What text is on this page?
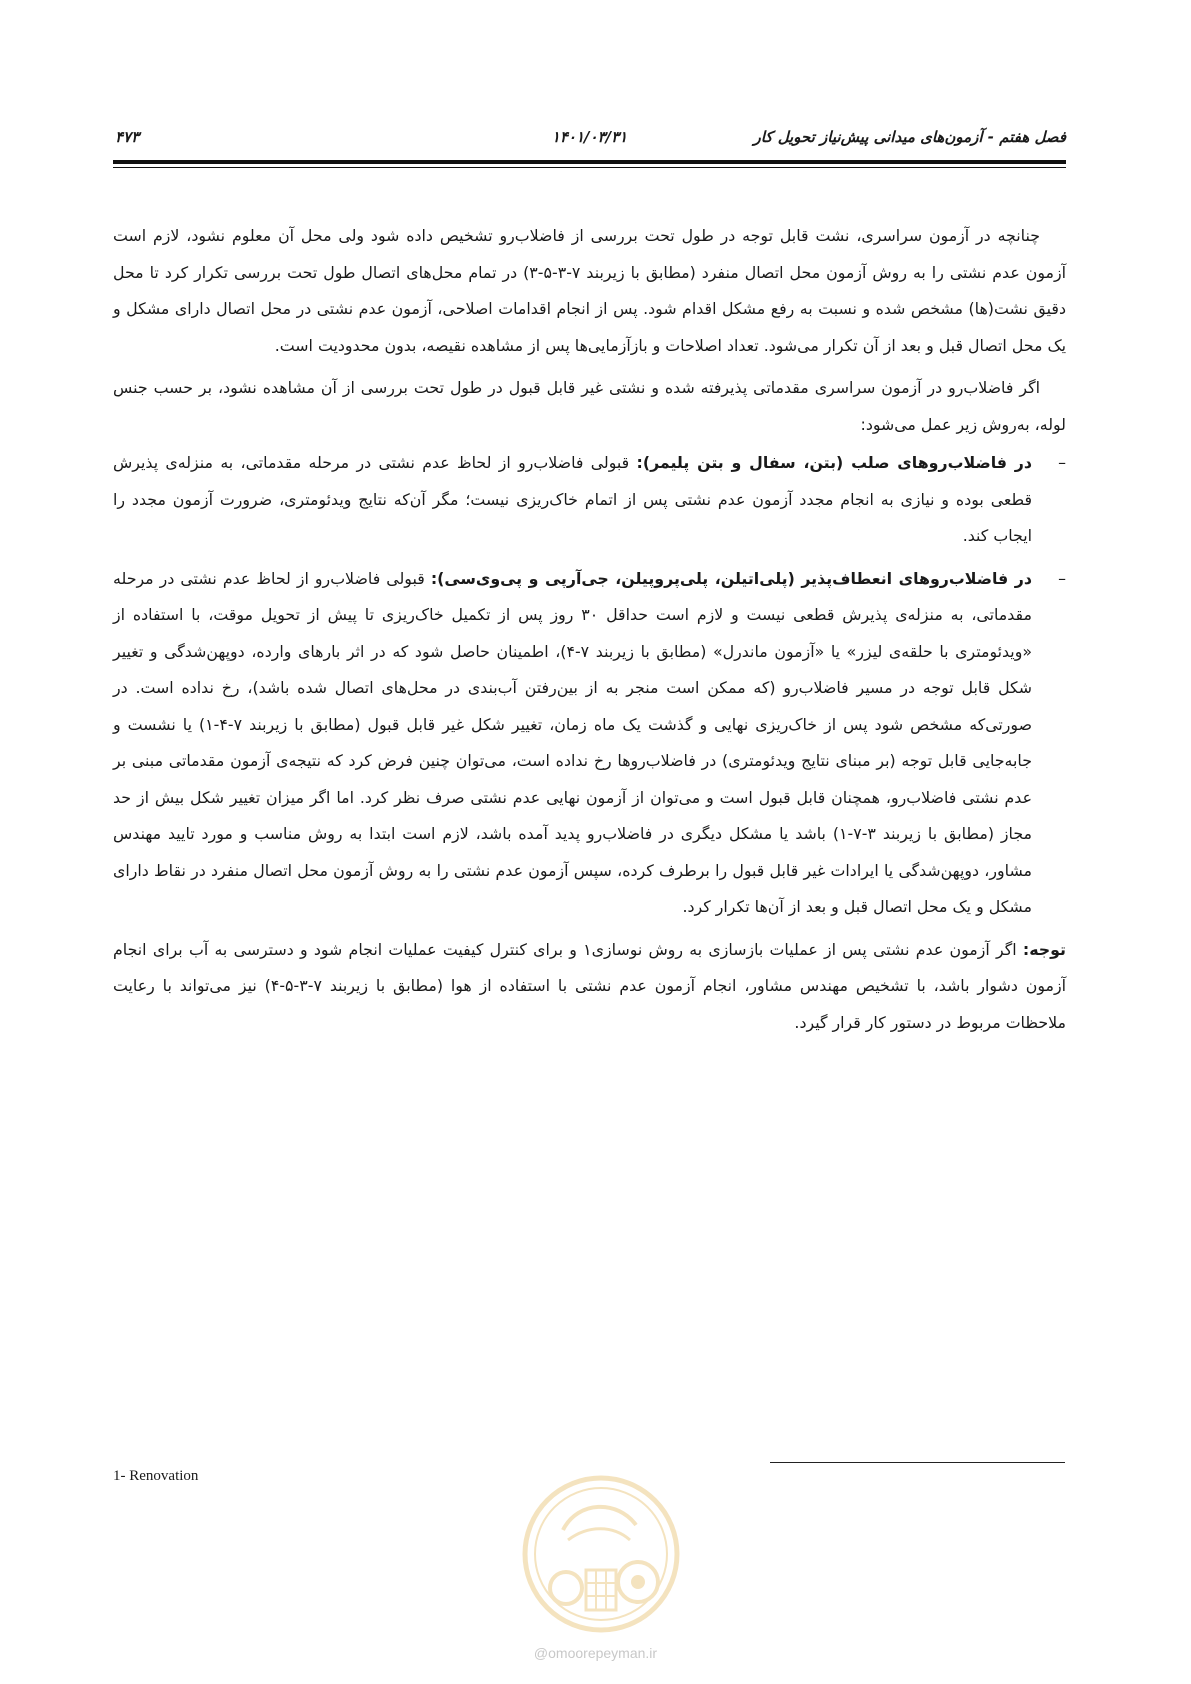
فصل هفتم - آزمون‌های میدانی پیش‌نیاز تحویل کار
۱۴۰۱/۰۳/۳۱
۴۷۳

چنانچه در آزمون سراسری، نشت قابل توجه در طول تحت بررسی از فاضلاب‌رو تشخیص داده شود ولی محل آن معلوم نشود، لازم است آزمون عدم نشتی را به روش آزمون محل اتصال منفرد (مطابق با زیربند ۷-۳-۵-۳) در تمام محل‌های اتصال طول تحت بررسی تکرار کرد تا محل دقیق نشت(ها) مشخص شده و نسبت به رفع مشکل اقدام شود. پس از انجام اقدامات اصلاحی، آزمون عدم نشتی در محل اتصال دارای مشکل و یک محل اتصال قبل و بعد از آن تکرار می‌شود. تعداد اصلاحات و بازآزمایی‌ها پس از مشاهده نقیصه، بدون محدودیت است.

اگر فاضلاب‌رو در آزمون سراسری مقدماتی پذیرفته شده و نشتی غیر قابل قبول در طول تحت بررسی از آن مشاهده نشود، بر حسب جنس لوله، به‌روش زیر عمل می‌شود:

–
در فاضلاب‌روهای صلب (بتن، سفال و بتن پلیمر): قبولی فاضلاب‌رو از لحاظ عدم نشتی در مرحله مقدماتی، به منزله‌ی پذیرش قطعی بوده و نیازی به انجام مجدد آزمون عدم نشتی پس از اتمام خاک‌ریزی نیست؛ مگر آن‌که نتایج ویدئومتری، ضرورت آزمون مجدد را ایجاب کند.
–
در فاضلاب‌روهای انعطاف‌پذیر (پلی‌اتیلن، پلی‌پروپیلن، جی‌آرپی و پی‌وی‌سی): قبولی فاضلاب‌رو از لحاظ عدم نشتی در مرحله مقدماتی، به منزله‌ی پذیرش قطعی نیست و لازم است حداقل ۳۰ روز پس از تکمیل خاک‌ریزی تا پیش از تحویل موقت، با استفاده از «ویدئومتری با حلقه‌ی لیزر» یا «آزمون ماندرل» (مطابق با زیربند ۷-۴)، اطمینان حاصل شود که در اثر بارهای وارده، دوپهن‌شدگی و تغییر شکل قابل توجه در مسیر فاضلاب‌رو (که ممکن است منجر به از بین‌رفتن آب‌بندی در محل‌های اتصال شده باشد)، رخ نداده است. در صورتی‌که مشخص شود پس از خاک‌ریزی نهایی و گذشت یک ماه زمان، تغییر شکل غیر قابل قبول (مطابق با زیربند ۷-۴-۱) یا نشست و جابه‌جایی قابل توجه (بر مبنای نتایج ویدئومتری) در فاضلاب‌روها رخ نداده است، می‌توان چنین فرض کرد که نتیجه‌ی آزمون مقدماتی مبنی بر عدم نشتی فاضلاب‌رو، همچنان قابل قبول است و می‌توان از آزمون نهایی عدم نشتی صرف نظر کرد. اما اگر میزان تغییر شکل بیش از حد مجاز (مطابق با زیربند ۳-۷-۱) باشد یا مشکل دیگری در فاضلاب‌رو پدید آمده باشد، لازم است ابتدا به روش مناسب و مورد تایید مهندس مشاور، دوپهن‌شدگی یا ایرادات غیر قابل قبول را برطرف کرده، سپس آزمون عدم نشتی را به روش آزمون محل اتصال منفرد در نقاط دارای مشکل و یک محل اتصال قبل و بعد از آن‌ها تکرار کرد.

توجه: اگر آزمون عدم نشتی پس از عملیات بازسازی به روش نوسازی۱ و برای کنترل کیفیت عملیات انجام شود و دسترسی به آب برای انجام آزمون دشوار باشد، با تشخیص مهندس مشاور، انجام آزمون عدم نشتی با استفاده از هوا (مطابق با زیربند ۷-۳-۵-۴) نیز می‌تواند با رعایت ملاحظات مربوط در دستور کار قرار گیرد.

1- Renovation
@omoorepeyman.ir
